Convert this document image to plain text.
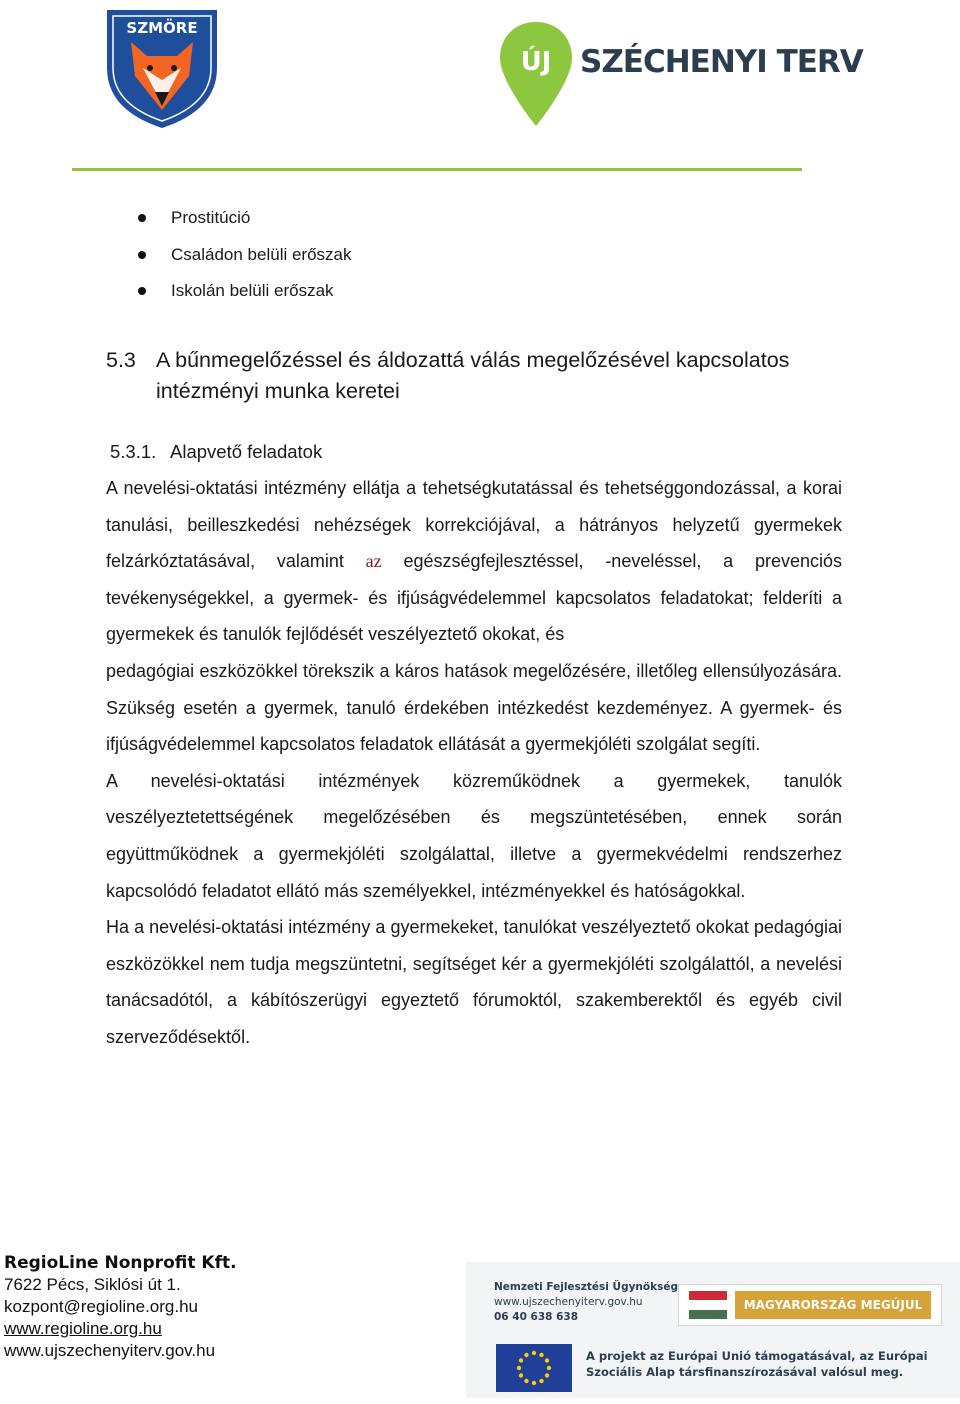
SZMÖRE
ÚJ SZÉCHENYI TERV
Prostitúció
Családon belüli erőszak
Iskolán belüli erőszak
5.3 A bűnmegelőzéssel és áldozattá válás megelőzésével kapcsolatos intézményi munka keretei
5.3.1. Alapvető feladatok

A nevelési-oktatási intézmény ellátja a tehetségkutatással és tehetséggondozással, a korai tanulási, beilleszkedési nehézségek korrekciójával, a hátrányos helyzetű gyermekek felzárkóztatásával, valamint az egészségfejlesztéssel, -neveléssel, a prevenciós tevékenységekkel, a gyermek- és ifjúságvédelemmel kapcsolatos feladatokat; felderíti a gyermekek és tanulók fejlődését veszélyeztető okokat, és

pedagógiai eszközökkel törekszik a káros hatások megelőzésére, illetőleg ellensúlyozására. Szükség esetén a gyermek, tanuló érdekében intézkedést kezdeményez. A gyermek- és ifjúságvédelemmel kapcsolatos feladatok ellátását a gyermekjóléti szolgálat segíti.

A nevelési-oktatási intézmények közreműködnek a gyermekek, tanulók veszélyeztetettségének megelőzésében és megszüntetésében, ennek során együttműködnek a gyermekjóléti szolgálattal, illetve a gyermekvédelmi rendszerhez kapcsolódó feladatot ellátó más személyekkel, intézményekkel és hatóságokkal.

Ha a nevelési-oktatási intézmény a gyermekeket, tanulókat veszélyeztető okokat pedagógiai eszközökkel nem tudja megszüntetni, segítséget kér a gyermekjóléti szolgálattól, a nevelési tanácsadótól, a kábítószerügyi egyeztető fórumoktól, szakemberektől és egyéb civil szerveződésektől.

RegioLine Nonprofit Kft.
7622 Pécs, Siklósi út 1.
kozpont@regioline.org.hu
www.regioline.org.hu
www.ujszechenyiterv.gov.hu
Nemzeti Fejlesztési Ügynökség
www.ujszechenyiterv.gov.hu
06 40 638 638
MAGYARORSZÁG MEGÚJUL
A projekt az Európai Unió támogatásával, az Európai Szociális Alap társfinanszírozásával valósul meg.
